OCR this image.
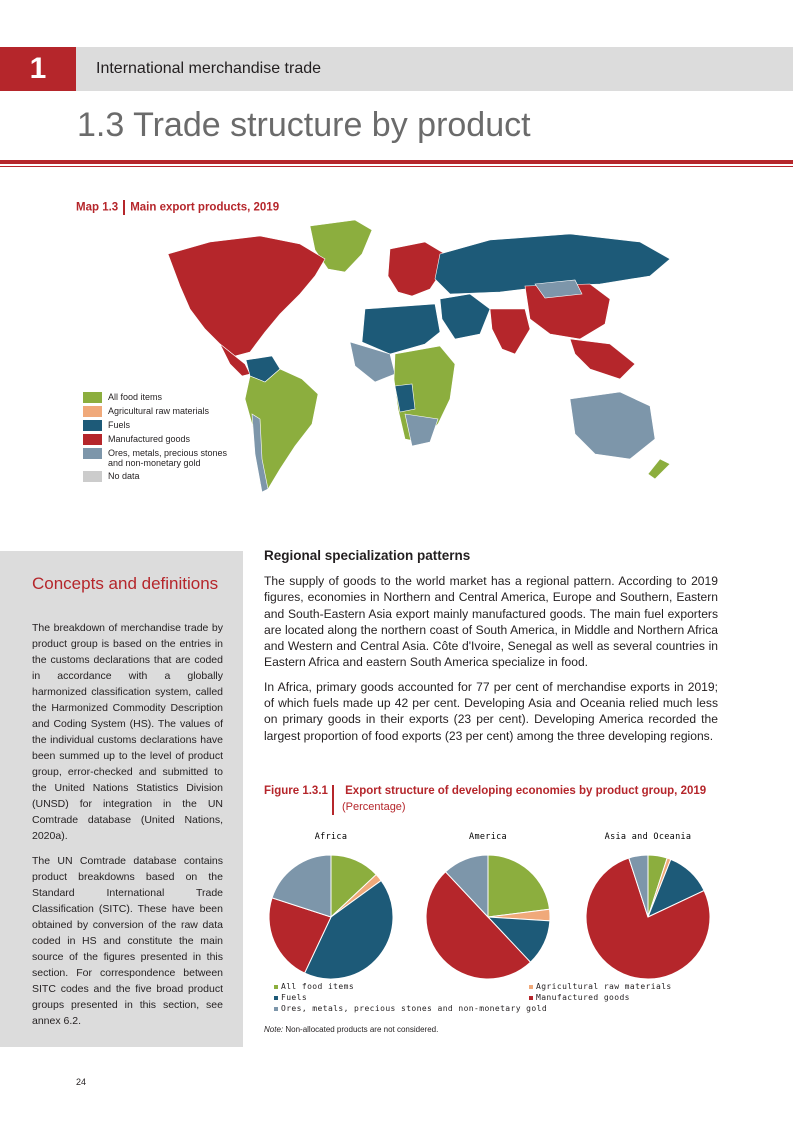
1	International merchandise trade
1.3 Trade structure by product
Map 1.3 Main export products, 2019
All food items
Agricultural raw materials
Fuels
Manufactured goods
Ores, metals, precious stones
and non-monetary gold
No data
Concepts and definitions

The breakdown of merchandise trade by product group is based on the entries in the customs declarations that are coded in accordance with a globally harmonized classification system, called the Harmonized Commodity Description and Coding System (HS). The values of the individual customs declarations have been summed up to the level of product group, error-checked and submitted to the United Nations Statistics Division (UNSD) for integration in the UN Comtrade database (United Nations, 2020a).

The UN Comtrade database contains product breakdowns based on the Standard International Trade Classification (SITC). These have been obtained by conversion of the raw data coded in HS and constitute the main source of the figures presented in this section. For correspondence between SITC codes and the five broad product groups presented in this section, see annex 6.2.

Regional specialization patterns

The supply of goods to the world market has a regional pattern. According to 2019 figures, economies in Northern and Central America, Europe and Southern, Eastern and South-Eastern Asia export mainly manufactured goods. The main fuel exporters are located along the northern coast of South America, in Middle and Northern Africa and Western and Central Asia. Côte d'Ivoire, Senegal as well as several countries in Eastern Africa and eastern South America specialize in food.

In Africa, primary goods accounted for 77 per cent of merchandise exports in 2019; of which fuels made up 42 per cent. Developing Asia and Oceania relied much less on primary goods in their exports (23 per cent). Developing America recorded the largest proportion of food exports (23 per cent) among the three developing regions.

Figure 1.3.1 Export structure of developing economies by product group, 2019
(Percentage)
Africa	America	Asia and Oceania
All food items	Agricultural raw materials
Fuels	Manufactured goods
Ores, metals, precious stones and non-monetary gold
Note: Non-allocated products are not considered.
24
